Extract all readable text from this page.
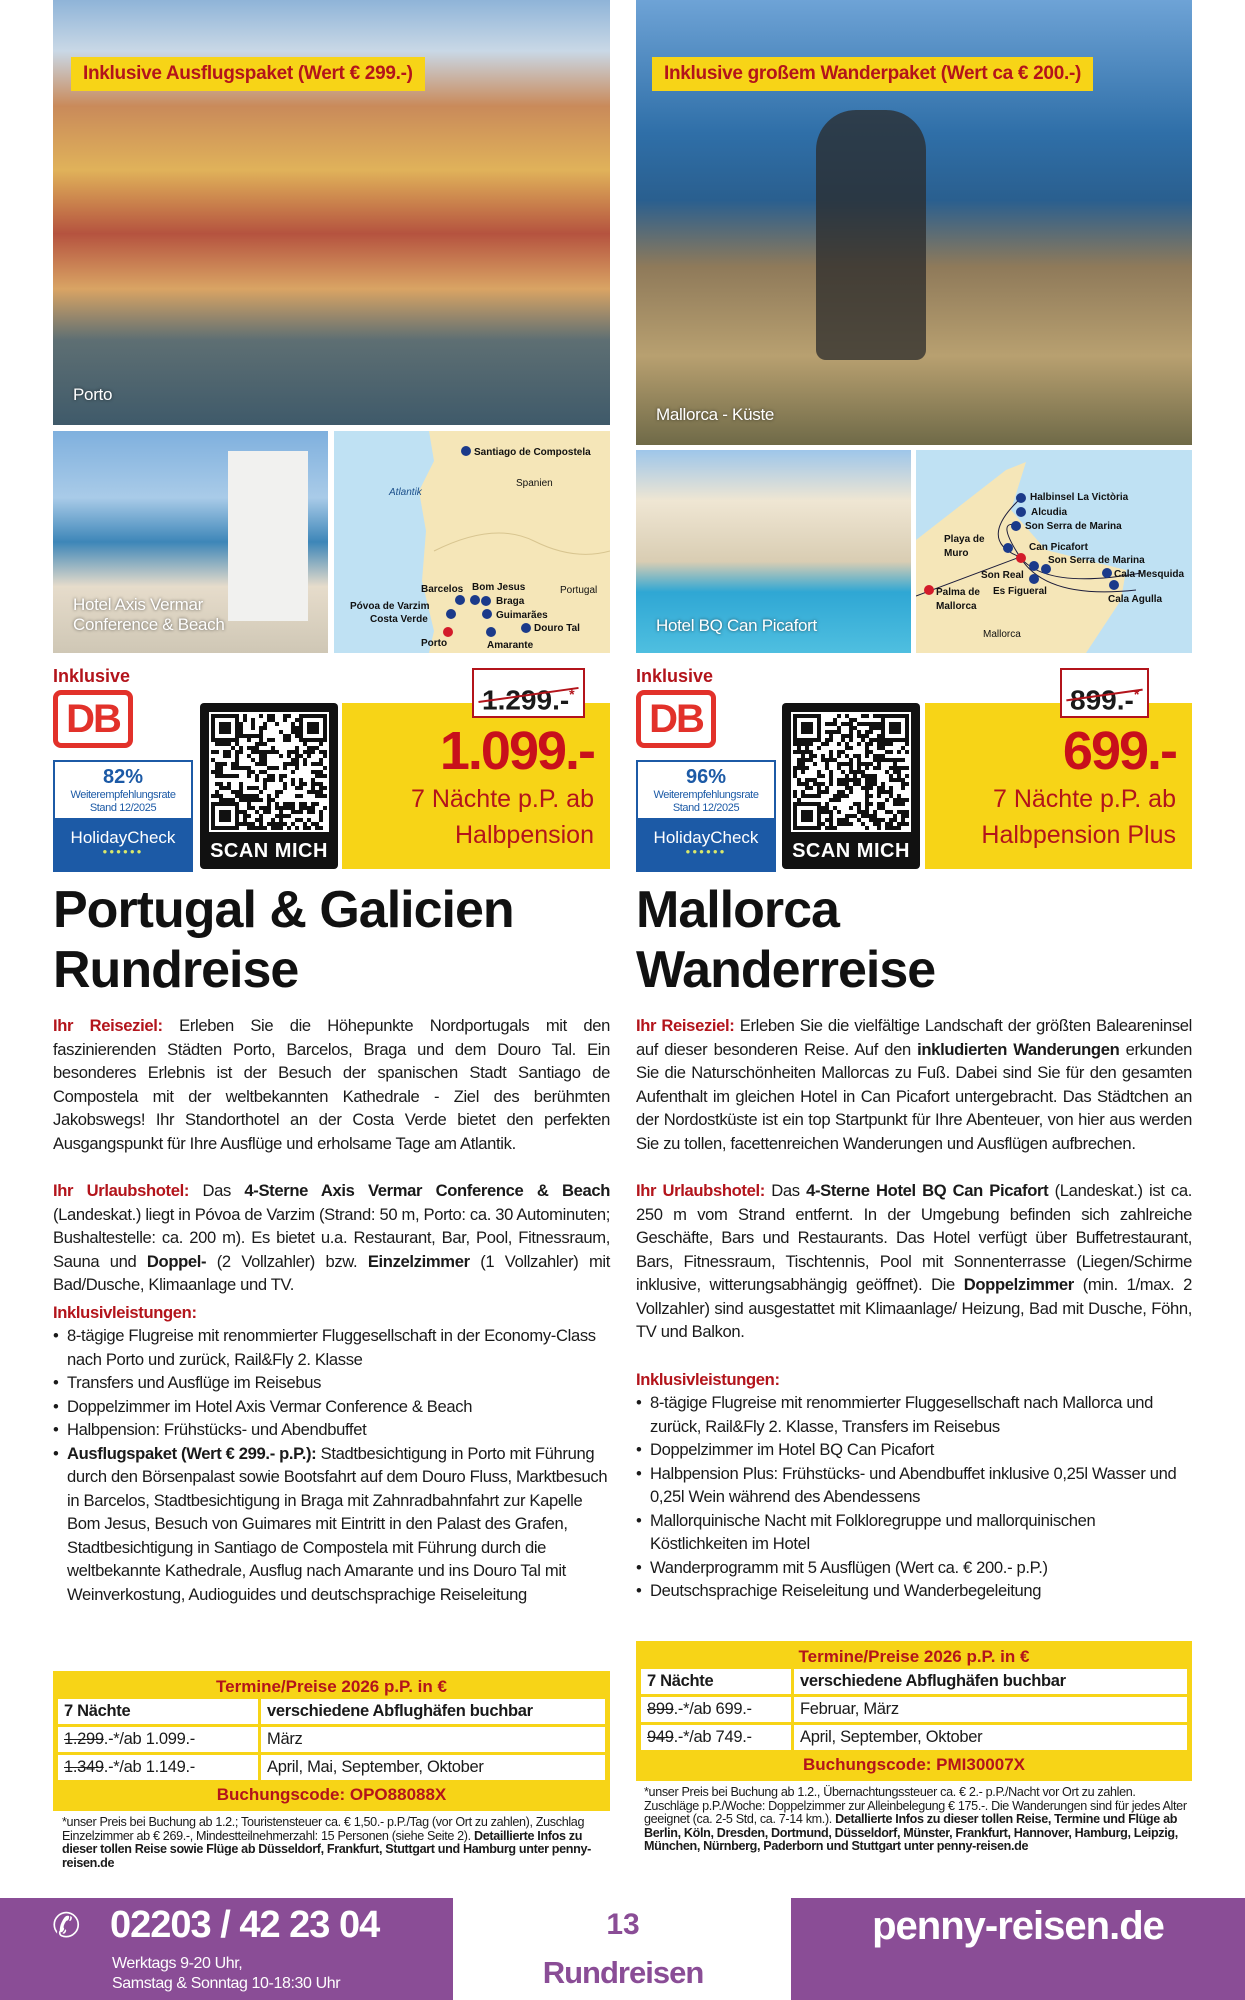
Inklusive Ausflugspaket (Wert € 299.-)
Porto
Hotel Axis Vermar
Conference & Beach
Santiago de Compostela
Spanien
Atlantik
Barcelos Bom Jesus
Braga
Portugal
Póvoa de Varzim
Costa Verde	Guimarães
Douro Tal
Porto	Amarante
Inklusive
DB
82%
Weiterempfehlungsrate
Stand 12/2025
HolidayCheck
●●●●●●	SCAN MICH
1.099.-
7 Nächte p.P. ab
Halbpension
1.299.-*
Portugal & Galicien
Rundreise

Ihr Reiseziel: Erleben Sie die Höhepunkte Nordportugals mit den faszinierenden Städten Porto, Barcelos, Braga und dem Douro Tal. Ein besonderes Erlebnis ist der Besuch der spanischen Stadt Santiago de Compostela mit der weltbekannten Kathedrale - Ziel des berühmten Jakobswegs! Ihr Standorthotel an der Costa Verde bietet den perfekten Ausgangspunkt für Ihre Ausflüge und erholsame Tage am Atlantik.

Ihr Urlaubshotel: Das 4-Sterne Axis Vermar Conference & Beach (Landeskat.) liegt in Póvoa de Varzim (Strand: 50 m, Porto: ca. 30 Autominuten; Bushaltestelle: ca. 200 m). Es bietet u.a. Restaurant, Bar, Pool, Fitnessraum, Sauna und Doppel- (2 Vollzahler) bzw. Einzelzimmer (1 Vollzahler) mit Bad/Dusche, Klimaanlage und TV.

Inklusivleistungen:
• 8-tägige Flugreise mit renommierter Fluggesellschaft in der Economy-Class nach Porto und zurück, Rail&Fly 2. Klasse
• Transfers und Ausflüge im Reisebus
• Doppelzimmer im Hotel Axis Vermar Conference & Beach
• Halbpension: Frühstücks- und Abendbuffet
• Ausflugspaket (Wert € 299.- p.P.): Stadtbesichtigung in Porto mit Führung durch den Börsenpalast sowie Bootsfahrt auf dem Douro Fluss, Marktbesuch in Barcelos, Stadtbesichtigung in Braga mit Zahnradbahnfahrt zur Kapelle Bom Jesus, Besuch von Guimares mit Eintritt in den Palast des Grafen, Stadtbesichtigung in Santiago de Compostela mit Führung durch die weltbekannte Kathedrale, Ausflug nach Amarante und ins Douro Tal mit Weinverkostung, Audioguides und deutschsprachige Reiseleitung
Termine/Preise 2026 p.P. in €
7 Nächte	verschiedene Abflughäfen buchbar
1.299.-*/ab 1.099.-	März
1.349.-*/ab 1.149.-	April, Mai, September, Oktober
Buchungscode: OPO88088X
*unser Preis bei Buchung ab 1.2.; Touristensteuer ca. € 1,50.- p.P./Tag (vor Ort zu zahlen), Zuschlag Einzelzimmer ab € 269.-, Mindestteilnehmerzahl: 15 Personen (siehe Seite 2). Detaillierte Infos zu dieser tollen Reise sowie Flüge ab Düsseldorf, Frankfurt, Stuttgart und Hamburg unter penny-reisen.de
Inklusive großem Wanderpaket (Wert ca € 200.-)
Mallorca - Küste
Hotel BQ Can Picafort
Halbinsel La Victòria
Alcudia
Son Serra de Marina
Playa de
Muro
Can Picafort
Son Serra de Marina
Son Real	Cala Mesquida
Es Figueral
Palma de
Mallorca
Cala Agulla
Mallorca
Inklusive
DB
96%
Weiterempfehlungsrate
Stand 12/2025
HolidayCheck
●●●●●●	SCAN MICH
699.-
7 Nächte p.P. ab
Halbpension Plus
899.-*
Mallorca
Wanderreise

Ihr Reiseziel: Erleben Sie die vielfältige Landschaft der größten Baleareninsel auf dieser besonderen Reise. Auf den inkludierten Wanderungen erkunden Sie die Naturschönheiten Mallorcas zu Fuß. Dabei sind Sie für den gesamten Aufenthalt im gleichen Hotel in Can Picafort untergebracht. Das Städtchen an der Nordostküste ist ein top Startpunkt für Ihre Abenteuer, von hier aus werden Sie zu tollen, facettenreichen Wanderungen und Ausflügen aufbrechen.

Ihr Urlaubshotel: Das 4-Sterne Hotel BQ Can Picafort (Landeskat.) ist ca. 250 m vom Strand entfernt. In der Umgebung befinden sich zahlreiche Geschäfte, Bars und Restaurants. Das Hotel verfügt über Buffetrestaurant, Bars, Fitnessraum, Tischtennis, Pool mit Sonnenterrasse (Liegen/Schirme inklusive, witterungsabhängig geöffnet). Die Doppelzimmer (min. 1/max. 2 Vollzahler) sind ausgestattet mit Klimaanlage/ Heizung, Bad mit Dusche, Föhn, TV und Balkon.

Inklusivleistungen:
• 8-tägige Flugreise mit renommierter Fluggesellschaft nach Mallorca und zurück, Rail&Fly 2. Klasse, Transfers im Reisebus
• Doppelzimmer im Hotel BQ Can Picafort
• Halbpension Plus: Frühstücks- und Abendbuffet inklusive 0,25l Wasser und 0,25l Wein während des Abendessens
• Mallorquinische Nacht mit Folkloregruppe und mallorquinischen Köstlichkeiten im Hotel
• Wanderprogramm mit 5 Ausflügen (Wert ca. € 200.- p.P.)
• Deutschsprachige Reiseleitung und Wanderbegeleitung
Termine/Preise 2026 p.P. in €
7 Nächte	verschiedene Abflughäfen buchbar
899.-*/ab 699.-	Februar, März
949.-*/ab 749.-	April, September, Oktober
Buchungscode: PMI30007X
*unser Preis bei Buchung ab 1.2., Übernachtungssteuer ca. € 2.- p.P./Nacht vor Ort zu zahlen. Zuschläge p.P./Woche: Doppelzimmer zur Alleinbelegung € 175.-. Die Wanderungen sind für jedes Alter geeignet (ca. 2-5 Std, ca. 7-14 km.). Detallierte Infos zu dieser tollen Reise, Termine und Flüge ab Berlin, Köln, Dresden, Dortmund, Düsseldorf, Münster, Frankfurt, Hannover, Hamburg, Leipzig, München, Nürnberg, Paderborn und Stuttgart unter penny-reisen.de
✆ 02203 / 42 23 04
Werktags 9-20 Uhr,
Samstag & Sonntag 10-18:30 Uhr
13
Rundreisen
penny-reisen.de
